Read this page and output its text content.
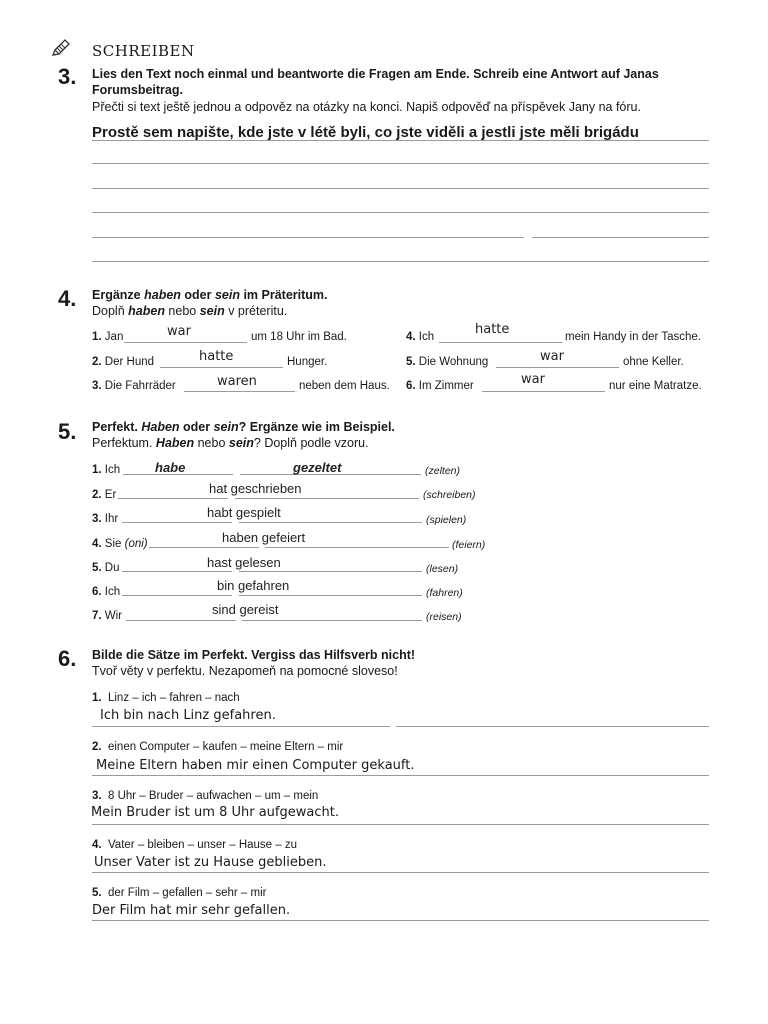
SCHREIBEN
3. Lies den Text noch einmal und beantworte die Fragen am Ende. Schreib eine Antwort auf Janas
Forumsbeitrag.
Přečti si text ještě jednou a odpověz na otázky na konci. Napiš odpověď na příspěvek Jany na fóru.
Prostě sem napište, kde jste v létě byli, co jste viděli a jestli jste měli brigádu
4. Ergänze haben oder sein im Präteritum.
Doplň haben nebo sein v préteritu.
1. Jan	war	um 18 Uhr im Bad.
2. Der Hund	hatte	Hunger.
3. Die Fahrräder	waren	neben dem Haus.
4. Ich	hatte	mein Handy in der Tasche.
5. Die Wohnung	war	ohne Keller.
6. Im Zimmer	war	nur eine Matratze.
5. Perfekt. Haben oder sein? Ergänze wie im Beispiel.
Perfektum. Haben nebo sein? Doplň podle vzoru.
1. Ich	habe	gezeltet	(zelten)
2. Er	hat geschrieben	(schreiben)
3. Ihr	habt gespielt	(spielen)
4. Sie (oni)	haben gefeiert	(feiern)
5. Du	hast gelesen	(lesen)
6. Ich	bin gefahren	(fahren)
7. Wir	sind gereist	(reisen)
6. Bilde die Sätze im Perfekt. Vergiss das Hilfsverb nicht!
Tvoř věty v perfektu. Nezapomeň na pomocné sloveso!
1. Linz – ich – fahren – nach
Ich bin nach Linz gefahren.
2. einen Computer – kaufen – meine Eltern – mir
Meine Eltern haben mir einen Computer gekauft.
3. 8 Uhr – Bruder – aufwachen – um – mein
Mein Bruder ist um 8 Uhr aufgewacht.
4. Vater – bleiben – unser – Hause – zu
Unser Vater ist zu Hause geblieben.
5. der Film – gefallen – sehr – mir
Der Film hat mir sehr gefallen.
